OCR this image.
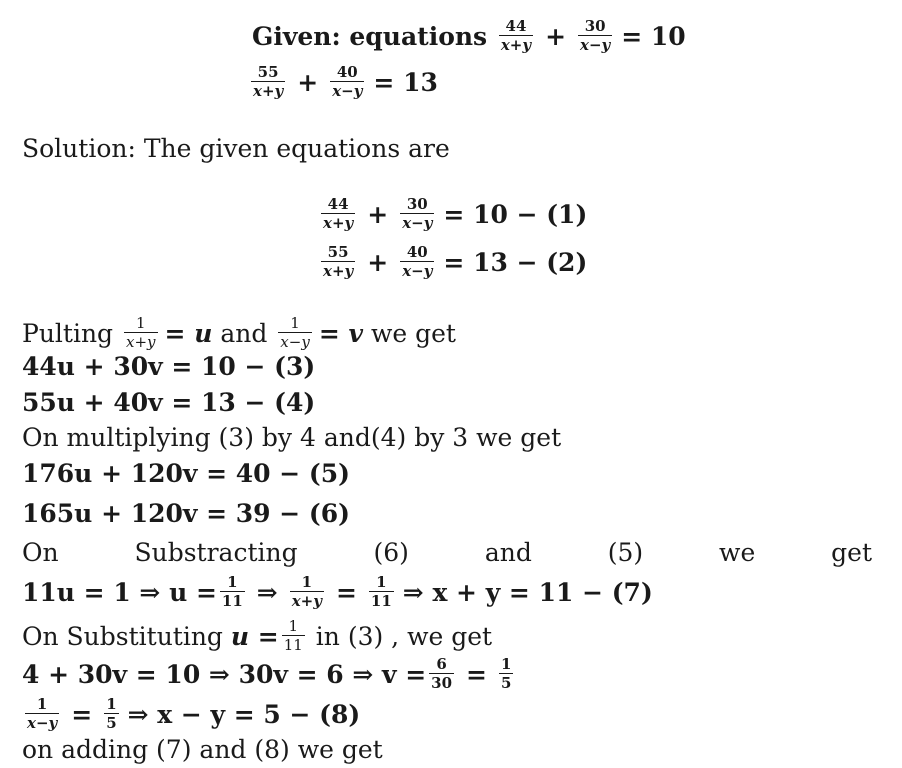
Given: equations
$\frac{44}{x+y} + \frac{30}{x-y} = 10$
$\frac{55}{x+y} + \frac{40}{x-y} = 13$
Solution: The given equations are
$\frac{44}{x+y} + \frac{30}{x-y} = 10 - (1)$
$\frac{55}{x+y} + \frac{40}{x-y} = 13 - (2)$
Pulting
$\frac{1}{x+y} = u$
and
$\frac{1}{x-y} = v$
we get
44u + 30v = 10 − (3)
55u + 40v = 13 − (4)
On multiplying (3) by 4 and(4) by 3 we get
176u + 120v = 40 − (5)
165u + 120v = 39 − (6)
On	Substracting	(6)	and	(5)	we	get
11u = 1 ⇒ $u = \frac{1}{11}$ ⇒ $\frac{1}{x+y} = \frac{1}{11}$ ⇒ x + y = 11 − (7)
On Substituting
$u = \frac{1}{11}$
in (3) , we get
4 + 30v = 10 ⇒ 30v = 6 ⇒ $v = \frac{6}{30} = \frac{1}{5}$
$\frac{1}{x-y} = \frac{1}{5}$ ⇒ x − y = 5 − (8)
on adding (7) and (8) we get
